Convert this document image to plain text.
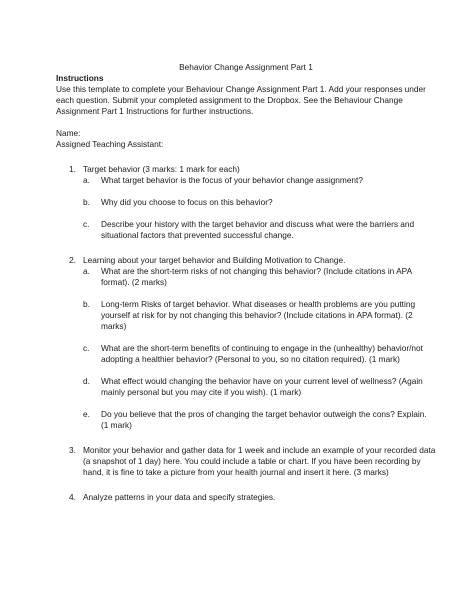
Behavior Change Assignment Part 1

Instructions

Use this template to complete your Behaviour Change Assignment Part 1. Add your responses under each question. Submit your completed assignment to the Dropbox. See the Behaviour Change Assignment Part 1 Instructions for further instructions.

Name:

Assigned Teaching Assistant:

1. Target behavior (3 marks: 1 mark for each)
a. What target behavior is the focus of your behavior change assignment?
b. Why did you choose to focus on this behavior?
c. Describe your history with the target behavior and discuss what were the barriers and situational factors that prevented successful change.
2. Learning about your target behavior and Building Motivation to Change.
a. What are the short-term risks of not changing this behavior? (Include citations in APA format). (2 marks)
b. Long-term Risks of target behavior. What diseases or health problems are you putting yourself at risk for by not changing this behavior? (Include citations in APA format). (2 marks)
c. What are the short-term benefits of continuing to engage in the (unhealthy) behavior/not adopting a healthier behavior? (Personal to you, so no citation required). (1 mark)
d. What effect would changing the behavior have on your current level of wellness? (Again mainly personal but you may cite if you wish). (1 mark)
e. Do you believe that the pros of changing the target behavior outweigh the cons? Explain. (1 mark)
3. Monitor your behavior and gather data for 1 week and include an example of your recorded data (a snapshot of 1 day) here. You could include a table or chart. If you have been recording by hand, it is fine to take a picture from your health journal and insert it here. (3 marks)
4. Analyze patterns in your data and specify strategies.
